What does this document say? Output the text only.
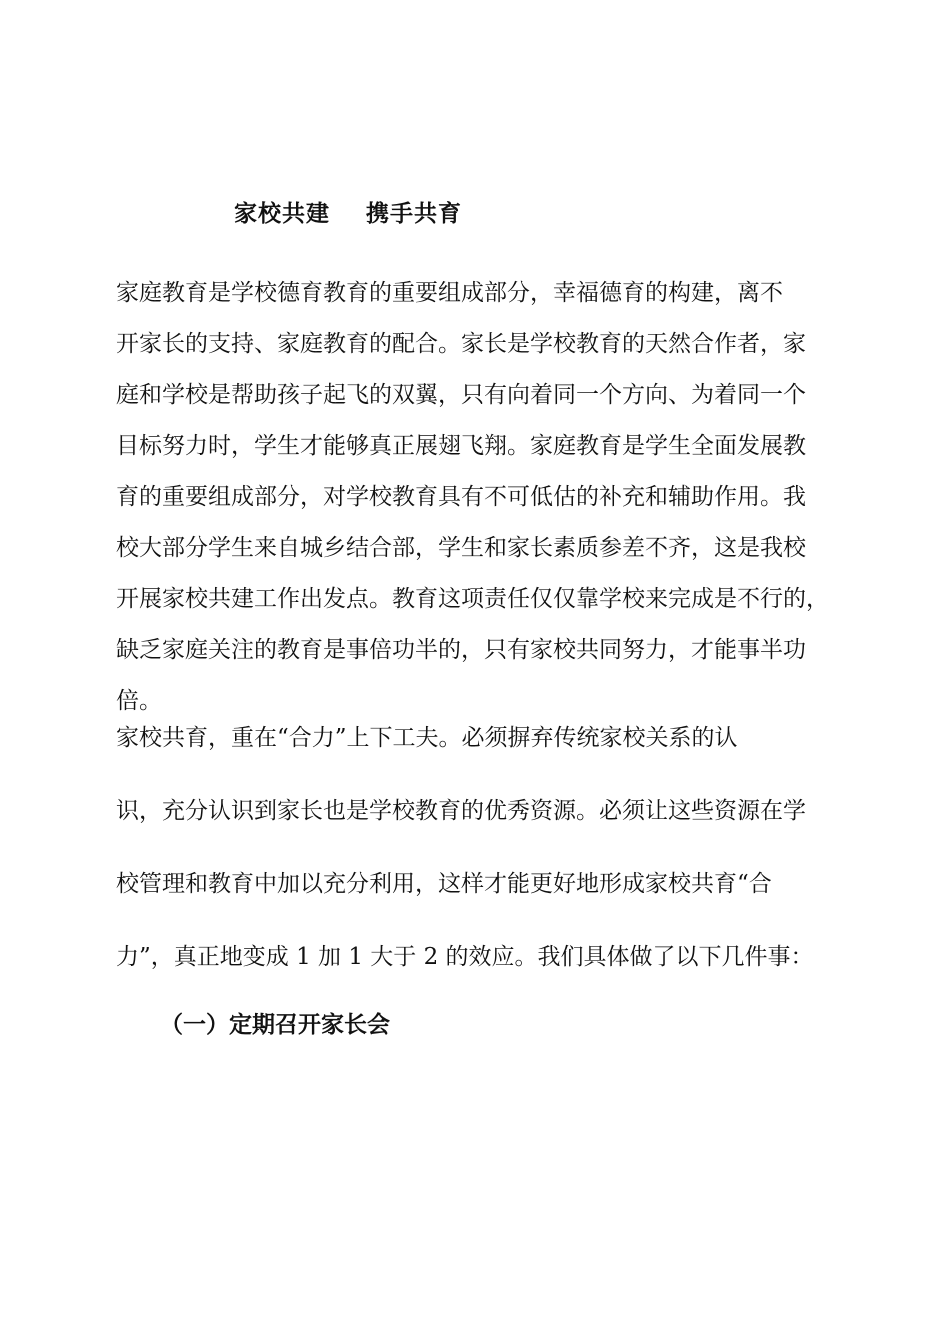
家校共建    携手共育
家庭教育是学校德育教育的重要组成部分，幸福德育的构建，离不
开家长的支持、家庭教育的配合。家长是学校教育的天然合作者，家
庭和学校是帮助孩子起飞的双翼，只有向着同一个方向、为着同一个
目标努力时，学生才能够真正展翅飞翔。家庭教育是学生全面发展教
育的重要组成部分，对学校教育具有不可低估的补充和辅助作用。我
校大部分学生来自城乡结合部，学生和家长素质参差不齐，这是我校
开展家校共建工作出发点。教育这项责任仅仅靠学校来完成是不行的，
缺乏家庭关注的教育是事倍功半的，只有家校共同努力，才能事半功
倍。
家校共育，重在“合力”上下工夫。必须摒弃传统家校关系的认
识，充分认识到家长也是学校教育的优秀资源。必须让这些资源在学
校管理和教育中加以充分利用，这样才能更好地形成家校共育“合
力”，真正地变成 1 加 1 大于 2 的效应。我们具体做了以下几件事：
（一）定期召开家长会
